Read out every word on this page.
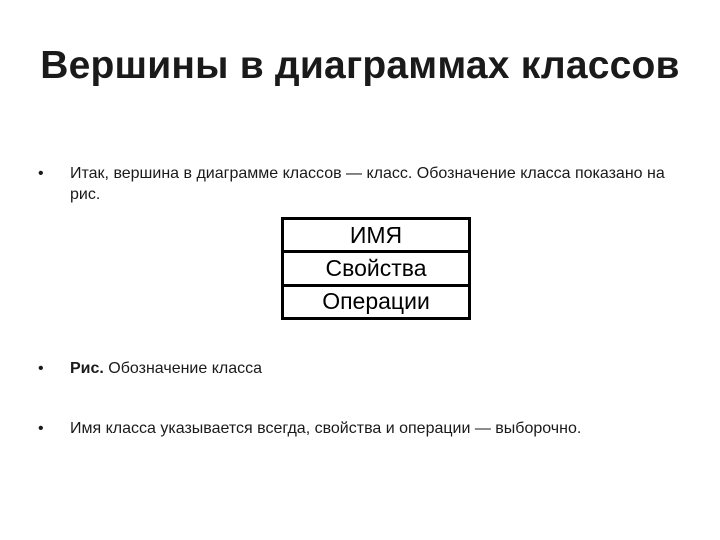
Вершины в диаграммах классов
•	Итак, вершина в диаграмме классов — класс. Обозначение класса показано на рис.
ИМЯ
Свойства
Операции
•	Рис. Обозначение класса
•	Имя класса указывается всегда, свойства и операции — выборочно.
